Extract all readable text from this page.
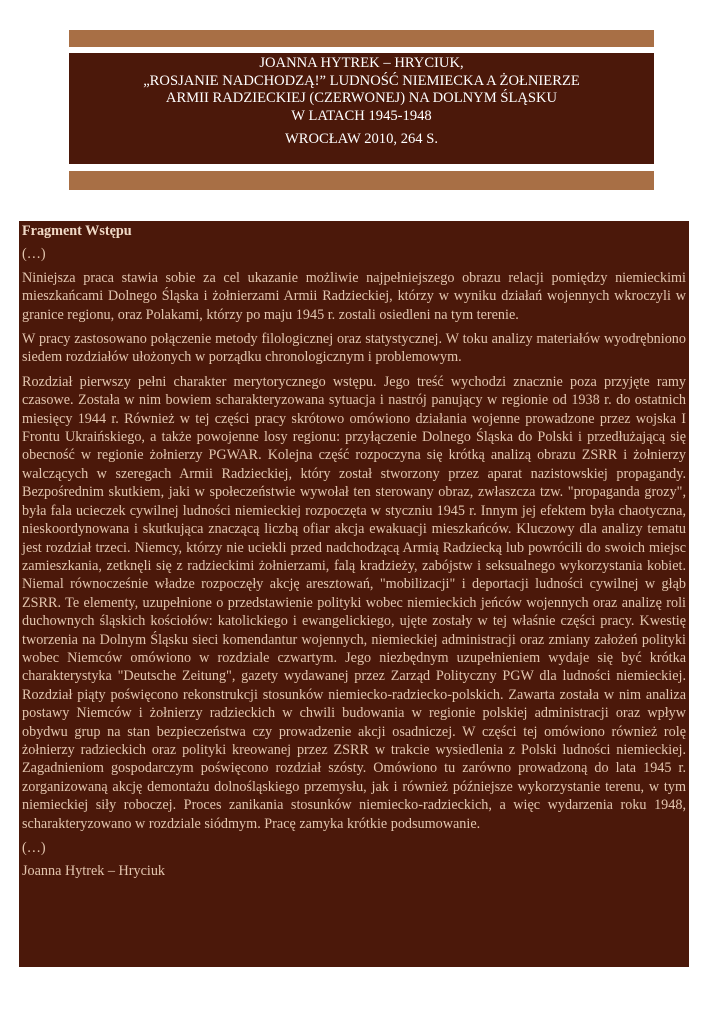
JOANNA HYTREK – HRYCIUK,
„ROSJANIE NADCHODZĄ!” LUDNOŚĆ NIEMIECKA A ŻOŁNIERZE
ARMII RADZIECKIEJ (CZERWONEJ) NA DOLNYM ŚLĄSKU
W LATACH 1945-1948
WROCŁAW 2010, 264 S.

Fragment Wstępu

(…)

Niniejsza praca stawia sobie za cel ukazanie możliwie najpełniejszego obrazu relacji pomiędzy niemieckimi mieszkańcami Dolnego Śląska i żołnierzami Armii Radzieckiej, którzy w wyniku działań wojennych wkroczyli w granice regionu, oraz Polakami, którzy po maju 1945 r. zostali osiedleni na tym terenie.

W pracy zastosowano połączenie metody filologicznej oraz statystycznej. W toku analizy materiałów wyodrębniono siedem rozdziałów ułożonych w porządku chronologicznym i problemowym.

Rozdział pierwszy pełni charakter merytorycznego wstępu. Jego treść wychodzi znacznie poza przyjęte ramy czasowe. Została w nim bowiem scharakteryzowana sytuacja i nastrój panujący w regionie od 1938 r. do ostatnich miesięcy 1944 r. Również w tej części pracy skrótowo omówiono działania wojenne prowadzone przez wojska I Frontu Ukraińskiego, a także powojenne losy regionu: przyłączenie Dolnego Śląska do Polski i przedłużającą się obecność w regionie żołnierzy PGWAR. Kolejna część rozpoczyna się krótką analizą obrazu ZSRR i żołnierzy walczących w szeregach Armii Radzieckiej, który został stworzony przez aparat nazistowskiej propagandy. Bezpośrednim skutkiem, jaki w społeczeństwie wywołał ten sterowany obraz, zwłaszcza tzw. "propaganda grozy", była fala ucieczek cywilnej ludności niemieckiej rozpoczęta w styczniu 1945 r. Innym jej efektem była chaotyczna, nieskoordynowana i skutkująca znaczącą liczbą ofiar akcja ewakuacji mieszkańców. Kluczowy dla analizy tematu jest rozdział trzeci. Niemcy, którzy nie uciekli przed nadchodzącą Armią Radziecką lub powrócili do swoich miejsc zamieszkania, zetknęli się z radzieckimi żołnierzami, falą kradzieży, zabójstw i seksualnego wykorzystania kobiet. Niemal równocześnie władze rozpoczęły akcję aresztowań, "mobilizacji" i deportacji ludności cywilnej w głąb ZSRR. Te elementy, uzupełnione o przedstawienie polityki wobec niemieckich jeńców wojennych oraz analizę roli duchownych śląskich kościołów: katolickiego i ewangelickiego, ujęte zostały w tej właśnie części pracy. Kwestię tworzenia na Dolnym Śląsku sieci komendantur wojennych, niemieckiej administracji oraz zmiany założeń polityki wobec Niemców omówiono w rozdziale czwartym. Jego niezbędnym uzupełnieniem wydaje się być krótka charakterystyka "Deutsche Zeitung", gazety wydawanej przez Zarząd Polityczny PGW dla ludności niemieckiej. Rozdział piąty poświęcono rekonstrukcji stosunków niemiecko-radziecko-polskich. Zawarta została w nim analiza postawy Niemców i żołnierzy radzieckich w chwili budowania w regionie polskiej administracji oraz wpływ obydwu grup na stan bezpieczeństwa czy prowadzenie akcji osadniczej. W części tej omówiono również rolę żołnierzy radzieckich oraz polityki kreowanej przez ZSRR w trakcie wysiedlenia z Polski ludności niemieckiej. Zagadnieniom gospodarczym poświęcono rozdział szósty. Omówiono tu zarówno prowadzoną do lata 1945 r. zorganizowaną akcję demontażu dolnośląskiego przemysłu, jak i również późniejsze wykorzystanie terenu, w tym niemieckiej siły roboczej. Proces zanikania stosunków niemiecko-radzieckich, a więc wydarzenia roku 1948, scharakteryzowano w rozdziale siódmym. Pracę zamyka krótkie podsumowanie.

(…)

Joanna Hytrek – Hryciuk
